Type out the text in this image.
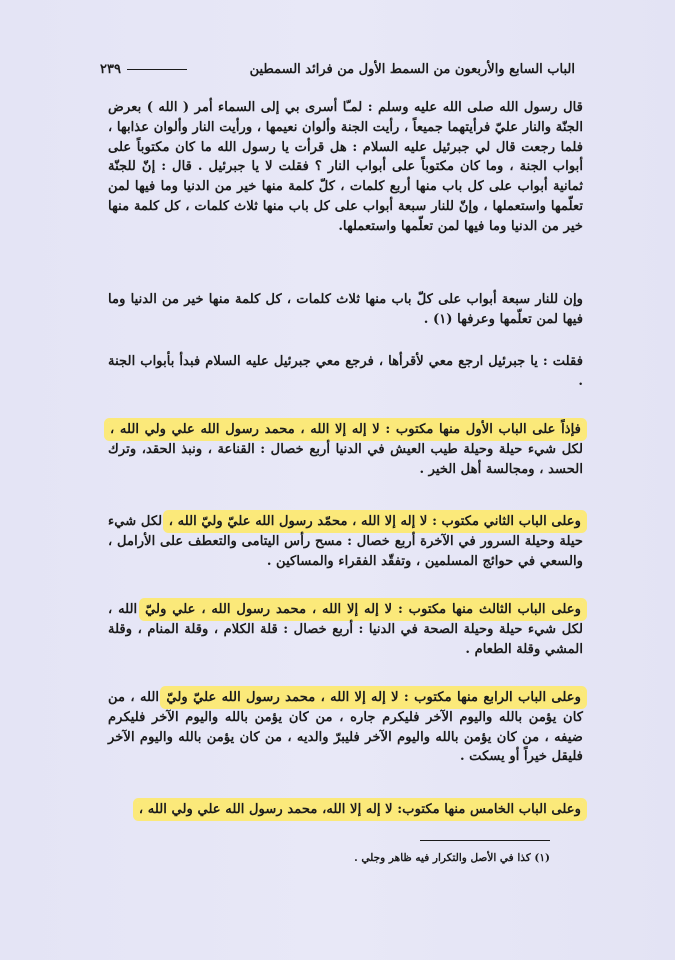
الباب السابع والأربعون من السمط الأول من فرائد السمطين
٢٣٩
قال رسول الله صلى الله عليه وسلم : لمـّا أسرى بي إلى السماء أمر ( الله ) بعرض الجنّة والنار عليّ فرأيتهما جميعاً ، رأيت الجنة وألوان نعيمها ، ورأيت النار وألوان عذابها ، فلما رجعت قال لي جبرئيل عليه السلام : هل قرأت يا رسول الله ما كان مكتوباً على أبواب الجنة ، وما كان مكتوباً على أبواب النار ؟ فقلت لا يا جبرئيل . قال : إنّ للجنّة ثمانية أبواب على كل باب منها أربع كلمات ، كلّ كلمة منها خير من الدنيا وما فيها لمن تعلّمها واستعملها ، وإنّ للنار سبعة أبواب على كل باب منها ثلاث كلمات ، كل كلمة منها خير من الدنيا وما فيها لمن تعلّمها واستعملها.
وإن للنار سبعة أبواب على كلّ باب منها ثلاث كلمات ، كل كلمة منها خير من الدنيا وما فيها لمن تعلّمها وعرفها (١) .
فقلت : يا جبرئيل ارجع معي لأقرأها ، فرجع معي جبرئيل عليه السلام فبدأ بأبواب الجنة .
فإذاً على الباب الأول منها مكتوب : لا إله إلا الله ، محمد رسول الله علي ولي الله ، لكل شيء حيلة وحيلة طيب العيش في الدنيا أربع خصال : القناعة ، ونبذ الحقد، وترك الحسد ، ومجالسة أهل الخير .
وعلى الباب الثاني مكتوب : لا إله إلا الله ، محمّد رسول الله عليّ وليّ الله ، لكل شيء حيلة وحيلة السرور في الآخرة أربع خصال : مسح رأس اليتامى والتعطف على الأرامل ، والسعي في حوائج المسلمين ، وتفقّد الفقراء والمساكين .
وعلى الباب الثالث منها مكتوب : لا إله إلا الله ، محمد رسول الله ، علي وليّ الله ، لكل شيء حيلة وحيلة الصحة في الدنيا : أربع خصال : قلة الكلام ، وقلة المنام ، وقلة المشي وقلة الطعام .
وعلى الباب الرابع منها مكتوب : لا إله إلا الله ، محمد رسول الله عليّ وليّ الله ، من كان يؤمن بالله واليوم الآخر فليكرم جاره ، من كان يؤمن بالله واليوم الآخر فليكرم ضيفه ، من كان يؤمن بالله واليوم الآخر فليبرّ والديه ، من كان يؤمن بالله واليوم الآخر فليقل خيراً أو يسكت .
وعلى الباب الخامس منها مكتوب: لا إله إلا الله، محمد رسول الله علي ولي الله ،
(١) كذا في الأصل والتكرار فيه ظاهر وجلي .
